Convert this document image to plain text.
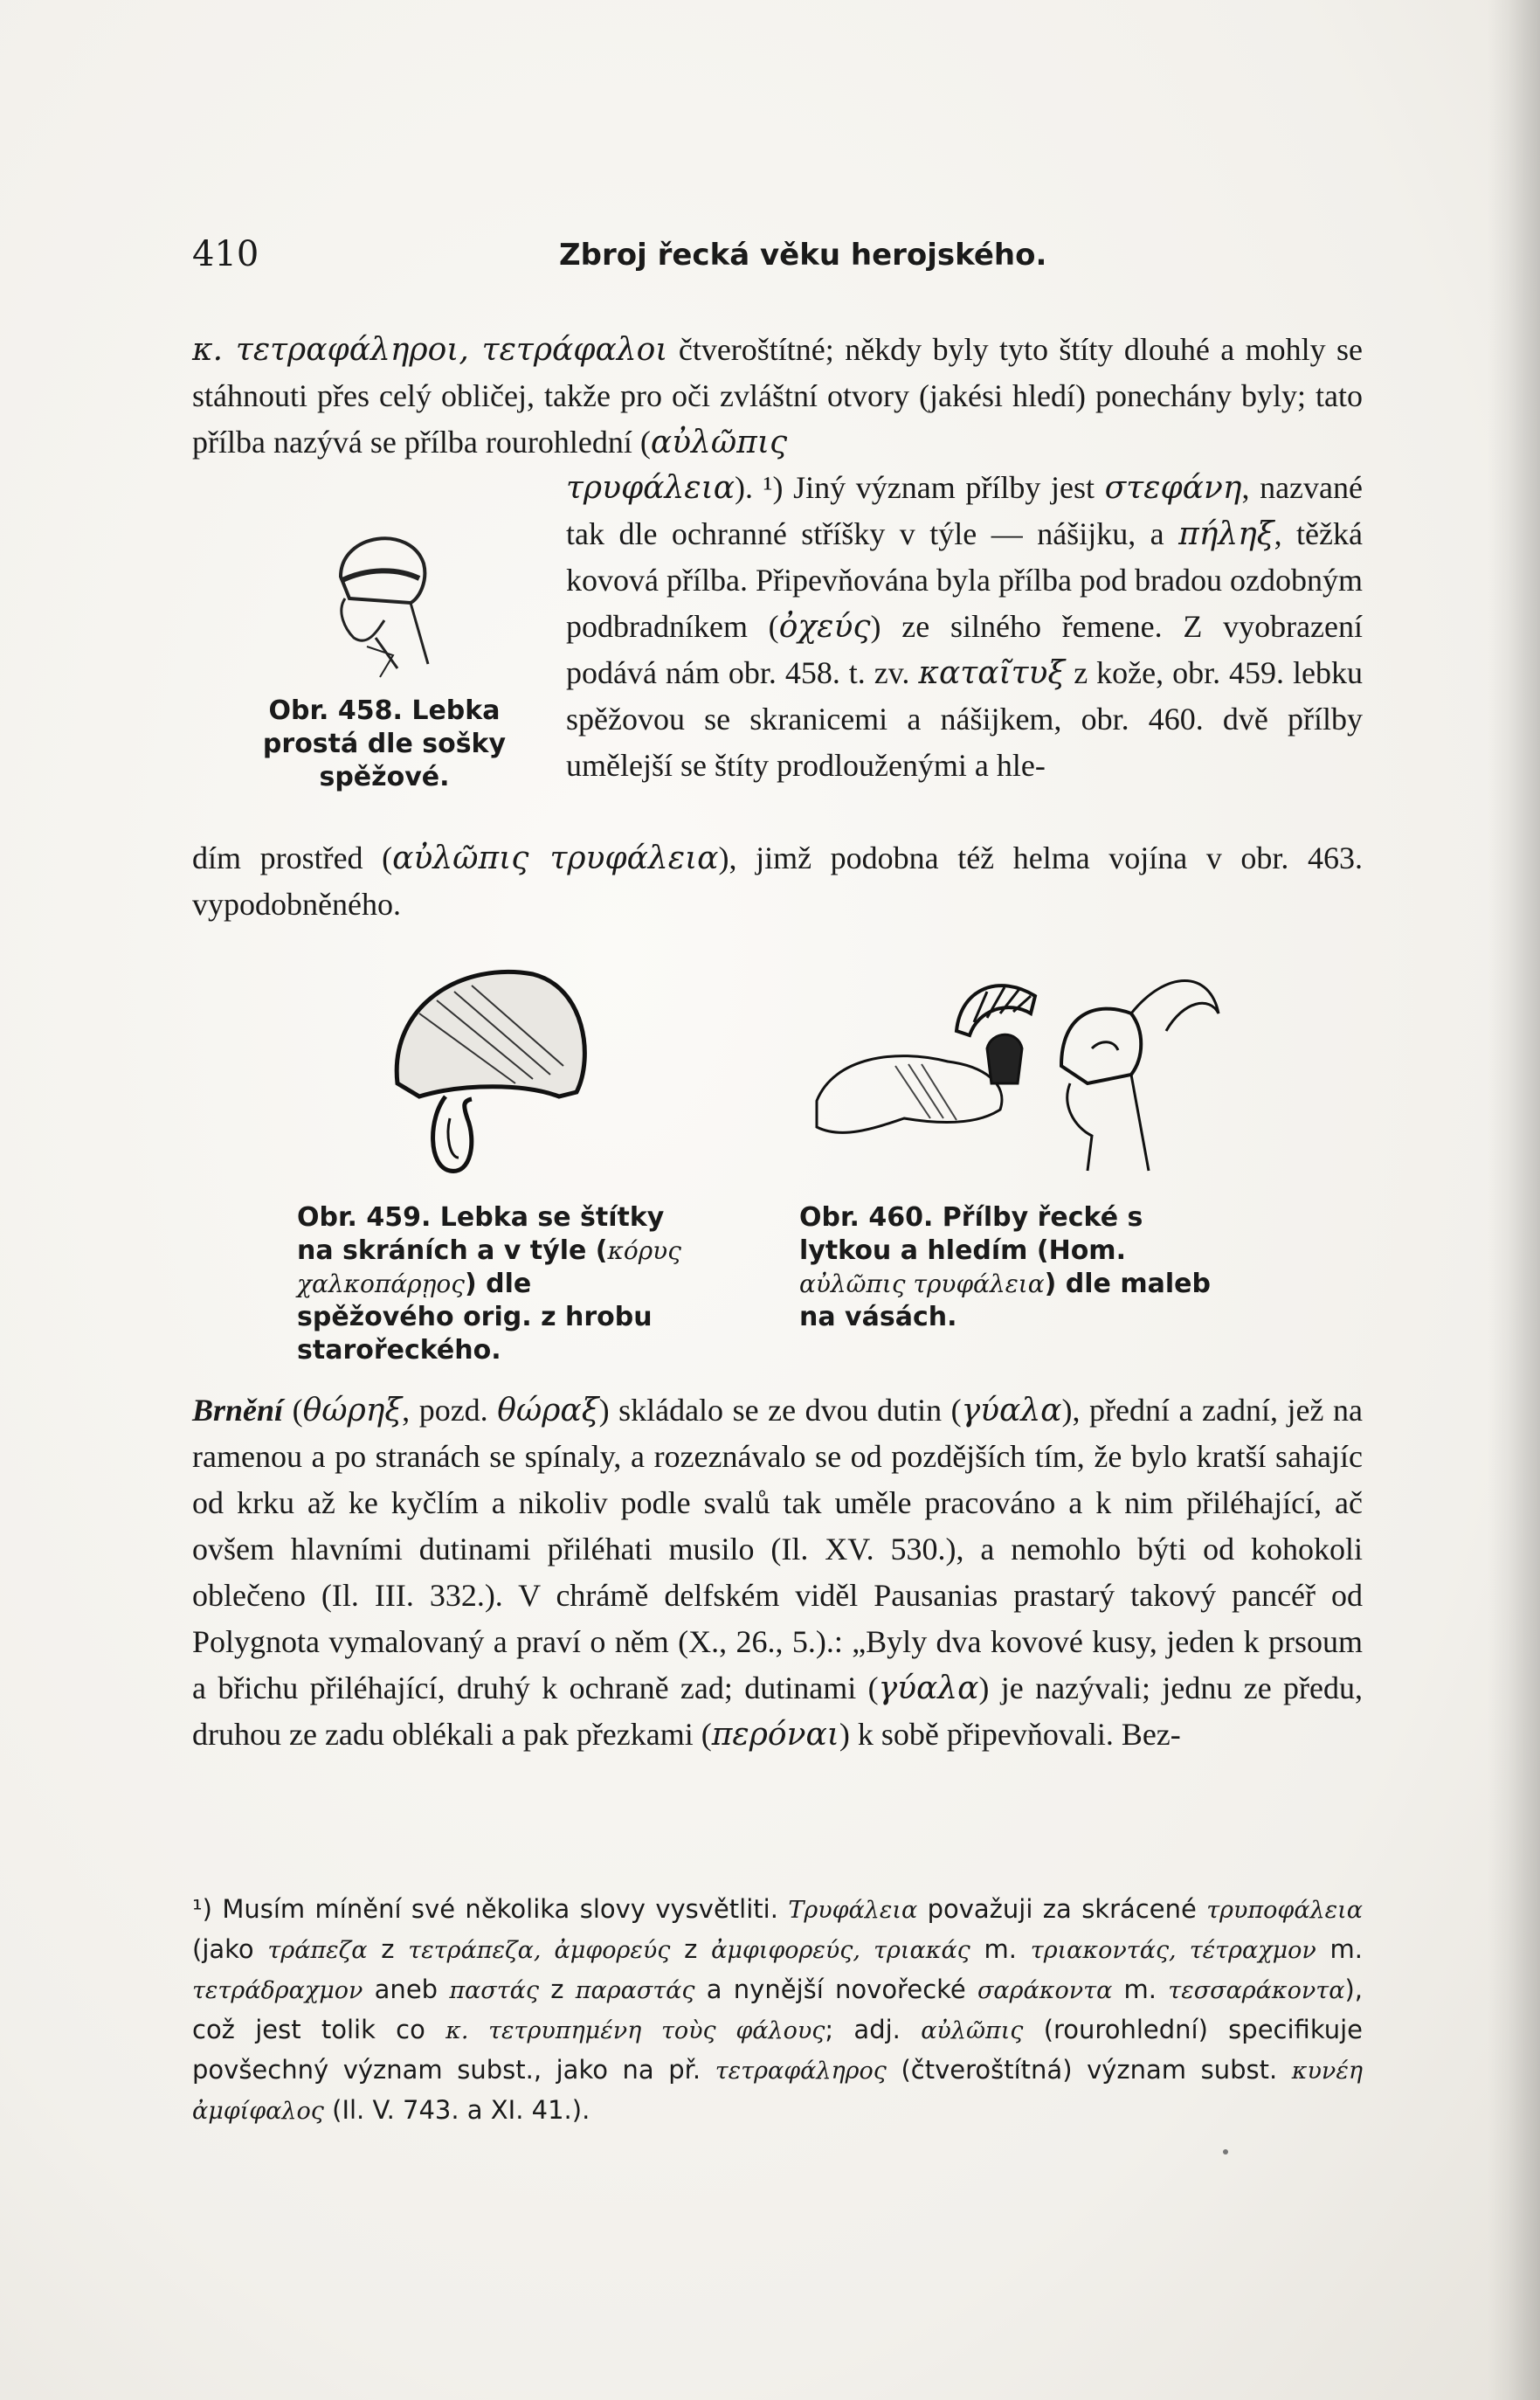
410	Zbroj řecká věku herojského.
κ. τετραφάληροι, τετράφαλοι čtveroštítné; někdy byly tyto štíty dlouhé a mohly se stáhnouti přes celý obličej, takže pro oči zvláštní otvory (jakési hledí) ponechány byly; tato přílba nazývá se přílba rourohlední (αὐλῶπις
Obr. 458. Lebka prostá dle sošky spěžové.
τρυφάλεια). ¹) Jiný význam přílby jest στεφάνη, nazvané tak dle ochranné stříšky v týle — nášijku, a πήληξ, těžká kovová přílba. Připevňována byla přílba pod bradou ozdobným podbradníkem (ὀχεύς) ze silného řemene. Z vyobrazení podává nám obr. 458. t. zv. καταῖτυξ z kože, obr. 459. lebku spěžovou se skranicemi a nášijkem, obr. 460. dvě přílby umělejší se štíty prodlouženými a hle-
dím prostřed (αὐλῶπις τρυφάλεια), jimž podobna též helma vojína v obr. 463. vypodobněného.
Obr. 459. Lebka se štítky na skráních a v týle (κόρυς χαλκοπάρῃος) dle spěžového orig. z hrobu starořeckého.
Obr. 460. Přílby řecké s lytkou a hledím (Hom. αὐλῶπις τρυφάλεια) dle maleb na vásách.
Brnění (θώρηξ, pozd. θώραξ) skládalo se ze dvou dutin (γύαλα), přední a zadní, jež na ramenou a po stranách se spínaly, a rozeznávalo se od pozdějších tím, že bylo kratší sahajíc od krku až ke kyčlím a nikoliv podle svalů tak uměle pracováno a k nim přiléhající, ač ovšem hlavními dutinami přiléhati musilo (Il. XV. 530.), a nemohlo býti od kohokoli oblečeno (Il. III. 332.). V chrámě delfském viděl Pausanias prastarý takový pancéř od Polygnota vymalovaný a praví o něm (X., 26., 5.).: „Byly dva kovové kusy, jeden k prsoum a břichu přiléhající, druhý k ochraně zad; dutinami (γύαλα) je nazývali; jednu ze předu, druhou ze zadu oblékali a pak přezkami (περόναι) k sobě připevňovali. Bez-
¹) Musím mínění své několika slovy vysvětliti. Τρυφάλεια považuji za skrácené τρυποφάλεια (jako τράπεζα z τετράπεζα, ἀμφορεύς z ἀμφιφορεύς, τριακάς m. τριακοντάς, τέτραχμον m. τετράδραχμον aneb παστάς z παραστάς a nynější novořecké σαράκοντα m. τεσσαράκοντα), což jest tolik co κ. τετρυπημένη τοὺς φάλους; adj. αὐλῶπις (rourohlední) specifikuje povšechný význam subst., jako na př. τετραφάληρος (čtveroštítná) význam subst. κυνέη ἀμφίφαλος (Il. V. 743. a XI. 41.).
